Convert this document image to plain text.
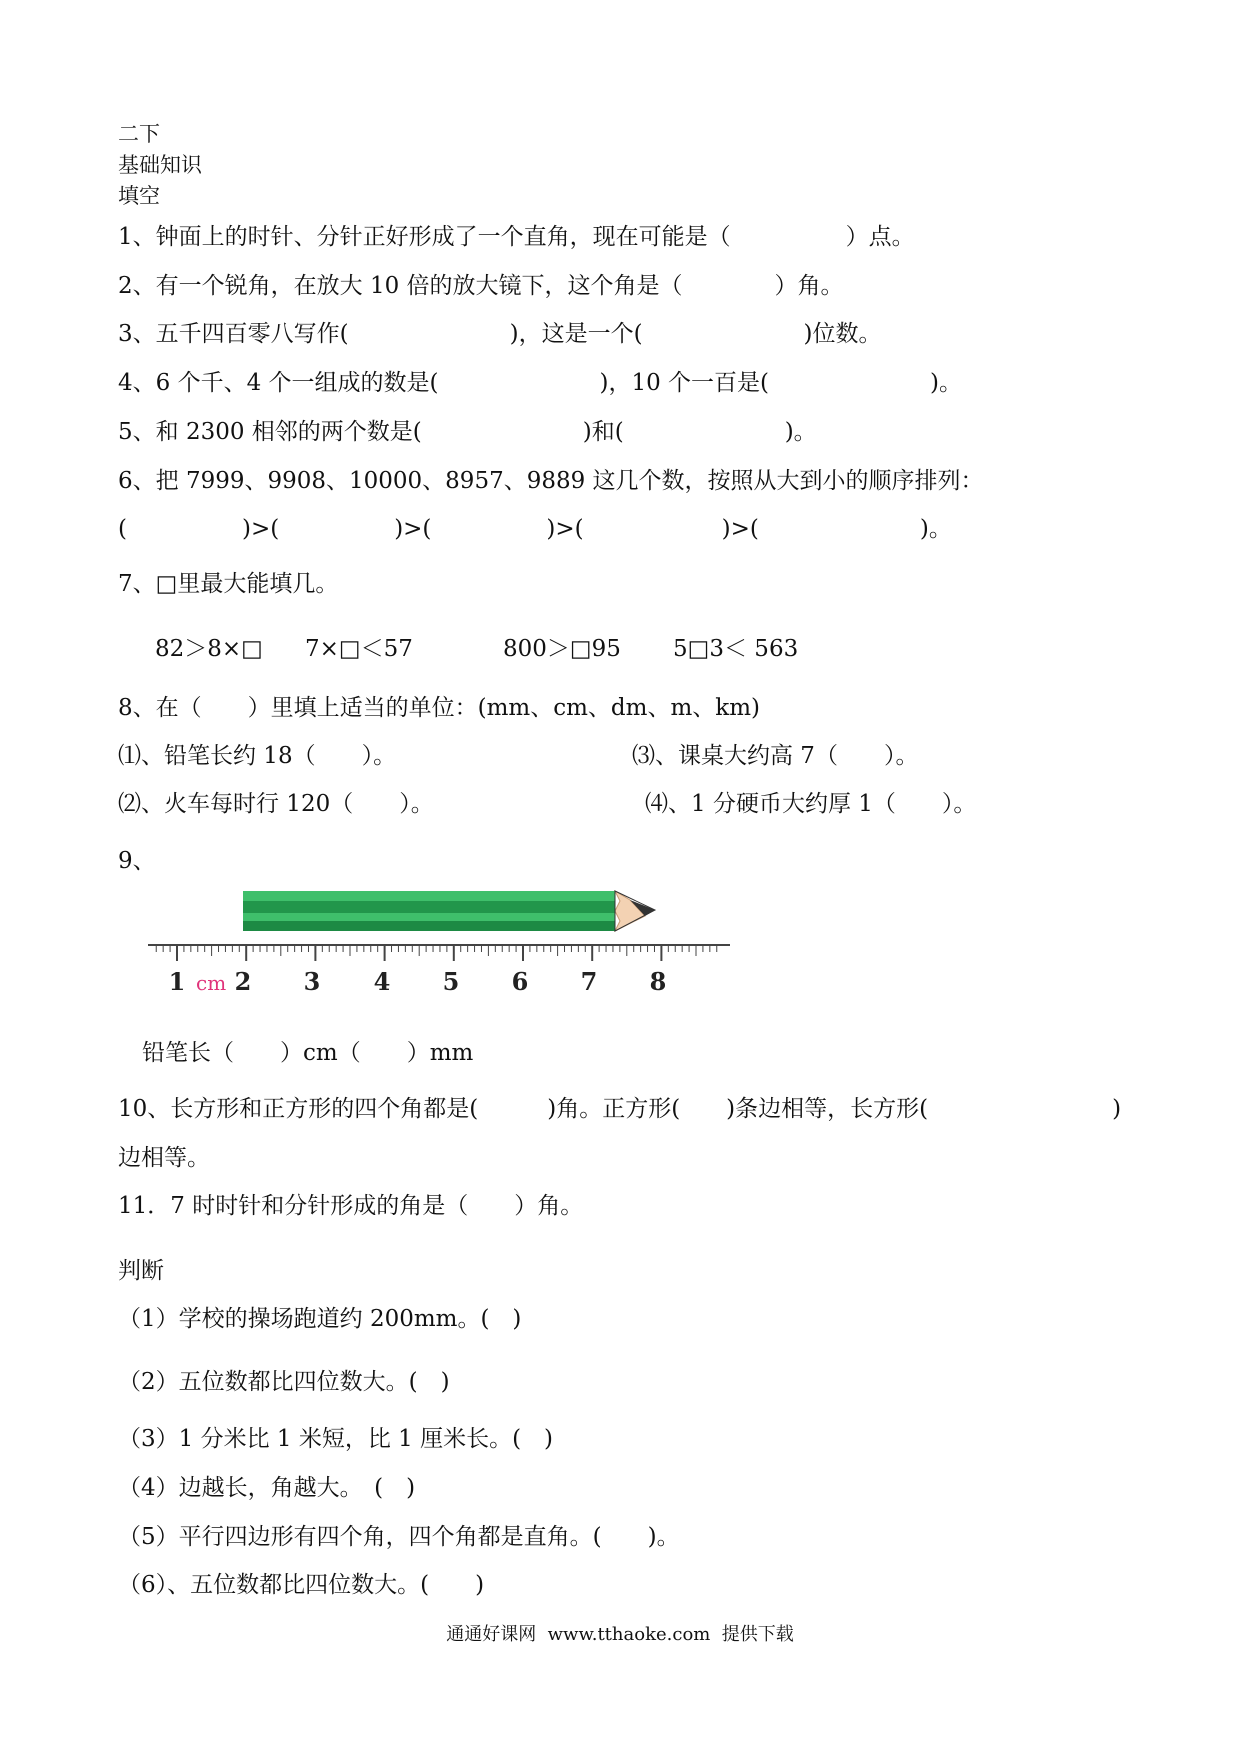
二下
基础知识
填空
1、钟面上的时针、分针正好形成了一个直角，现在可能是（　　　　　）点。
2、有一个锐角，在放大 10 倍的放大镜下，这个角是（　　　　）角。
3、五千四百零八写作(　　　　　　　)，这是一个(　　　　　　　)位数。
4、6 个千、4 个一组成的数是(　　　　　　　)，10 个一百是(　　　　　　　)。
5、和 2300 相邻的两个数是(　　　　　　　)和(　　　　　　　)。
6、把 7999、9908、10000、8957、9889 这几个数，按照从大到小的顺序排列：
(　　　　　)>(　　　　　)>(　　　　　)>(　　　　　　)>(　　　　　　　)。
7、□里最大能填几。
82＞8×□ 7×□＜57	800＞□95 5□3＜ 563
8、在（　　）里填上适当的单位：(mm、cm、dm、m、km)
⑴、铅笔长约 18（　　）。	⑶、课桌大约高 7（　　）。
⑵、火车每时行 120（　　）。	⑷、1 分硬币大约厚 1（　　）。
9、
1 cm 2 3 4 5 6 7 8
铅笔长（　　）cm（　　）mm
10、长方形和正方形的四个角都是(　　　)角。正方形(　　)条边相等，长方形(　　　　　　　　)
边相等。
11．7 时时针和分针形成的角是（　　）角。
判断
（1）学校的操场跑道约 200mm。(　)
（2）五位数都比四位数大。(　)
（3）1 分米比 1 米短，比 1 厘米长。(　)
（4）边越长，角越大。　(　)
（5）平行四边形有四个角，四个角都是直角。(　　)。
（6）、五位数都比四位数大。(　　)
通通好课网  www.tthaoke.com  提供下载
